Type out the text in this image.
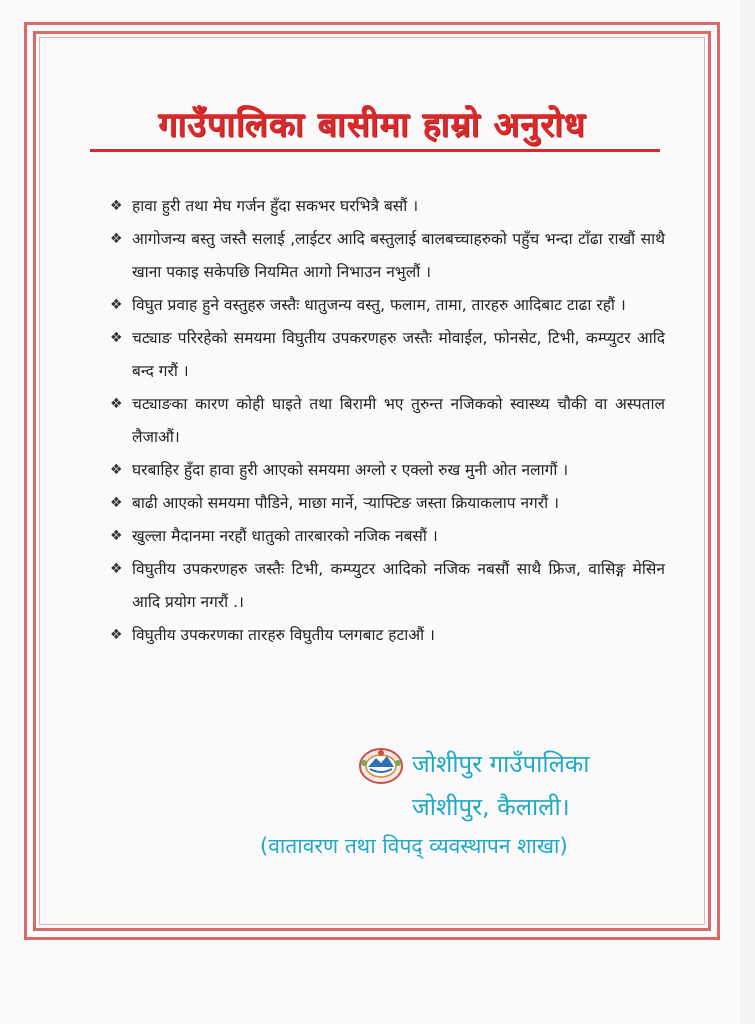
गाउँपालिका बासीमा हाम्रो अनुरोध
❖ हावा हुरी तथा मेघ गर्जन हुँदा सकभर घरभित्रै बसौं ।
❖ आगोजन्य बस्तु जस्तै सलाई ,लाईटर आदि बस्तुलाई बालबच्चाहरुको पहुँच भन्दा टाँढा राखौं साथै खाना पकाइ सकेपछि नियमित आगो निभाउन नभुलौं ।
❖ विघुत प्रवाह हुने वस्तुहरु जस्तैः धातुजन्य वस्तु, फलाम, तामा, तारहरु आदिबाट टाढा रहौं ।
❖ चट्याङ परिरहेको समयमा विघुतीय उपकरणहरु जस्तैः मोवाईल, फोनसेट, टिभी, कम्प्युटर आदि बन्द गरौं ।
❖ चट्याङका कारण कोही घाइते तथा बिरामी भए तुरुन्त नजिकको स्वास्थ्य चौकी वा अस्पताल लैजाऔं।
❖ घरबाहिर हुँदा हावा हुरी आएको समयमा अग्लो र एक्लो रुख मुनी ओत नलागौं ।
❖ बाढी आएको समयमा पौडिने, माछा मार्ने, र्‍याफ्टिङ जस्ता क्रियाकलाप नगरौं ।
❖ खुल्ला मैदानमा नरहौं धातुको तारबारको नजिक नबसौं ।
❖ विघुतीय उपकरणहरु जस्तैः टिभी, कम्प्युटर आदिको नजिक नबसौं साथै फ्रिज, वासिङ्ग मेसिन आदि प्रयोग नगरौं .।
❖ विघुतीय उपकरणका तारहरु विघुतीय प्लगबाट हटाऔं ।
जोशीपुर गाउँपालिका
जोशीपुर, कैलाली।
(वातावरण तथा विपद् व्यवस्थापन शाखा)
